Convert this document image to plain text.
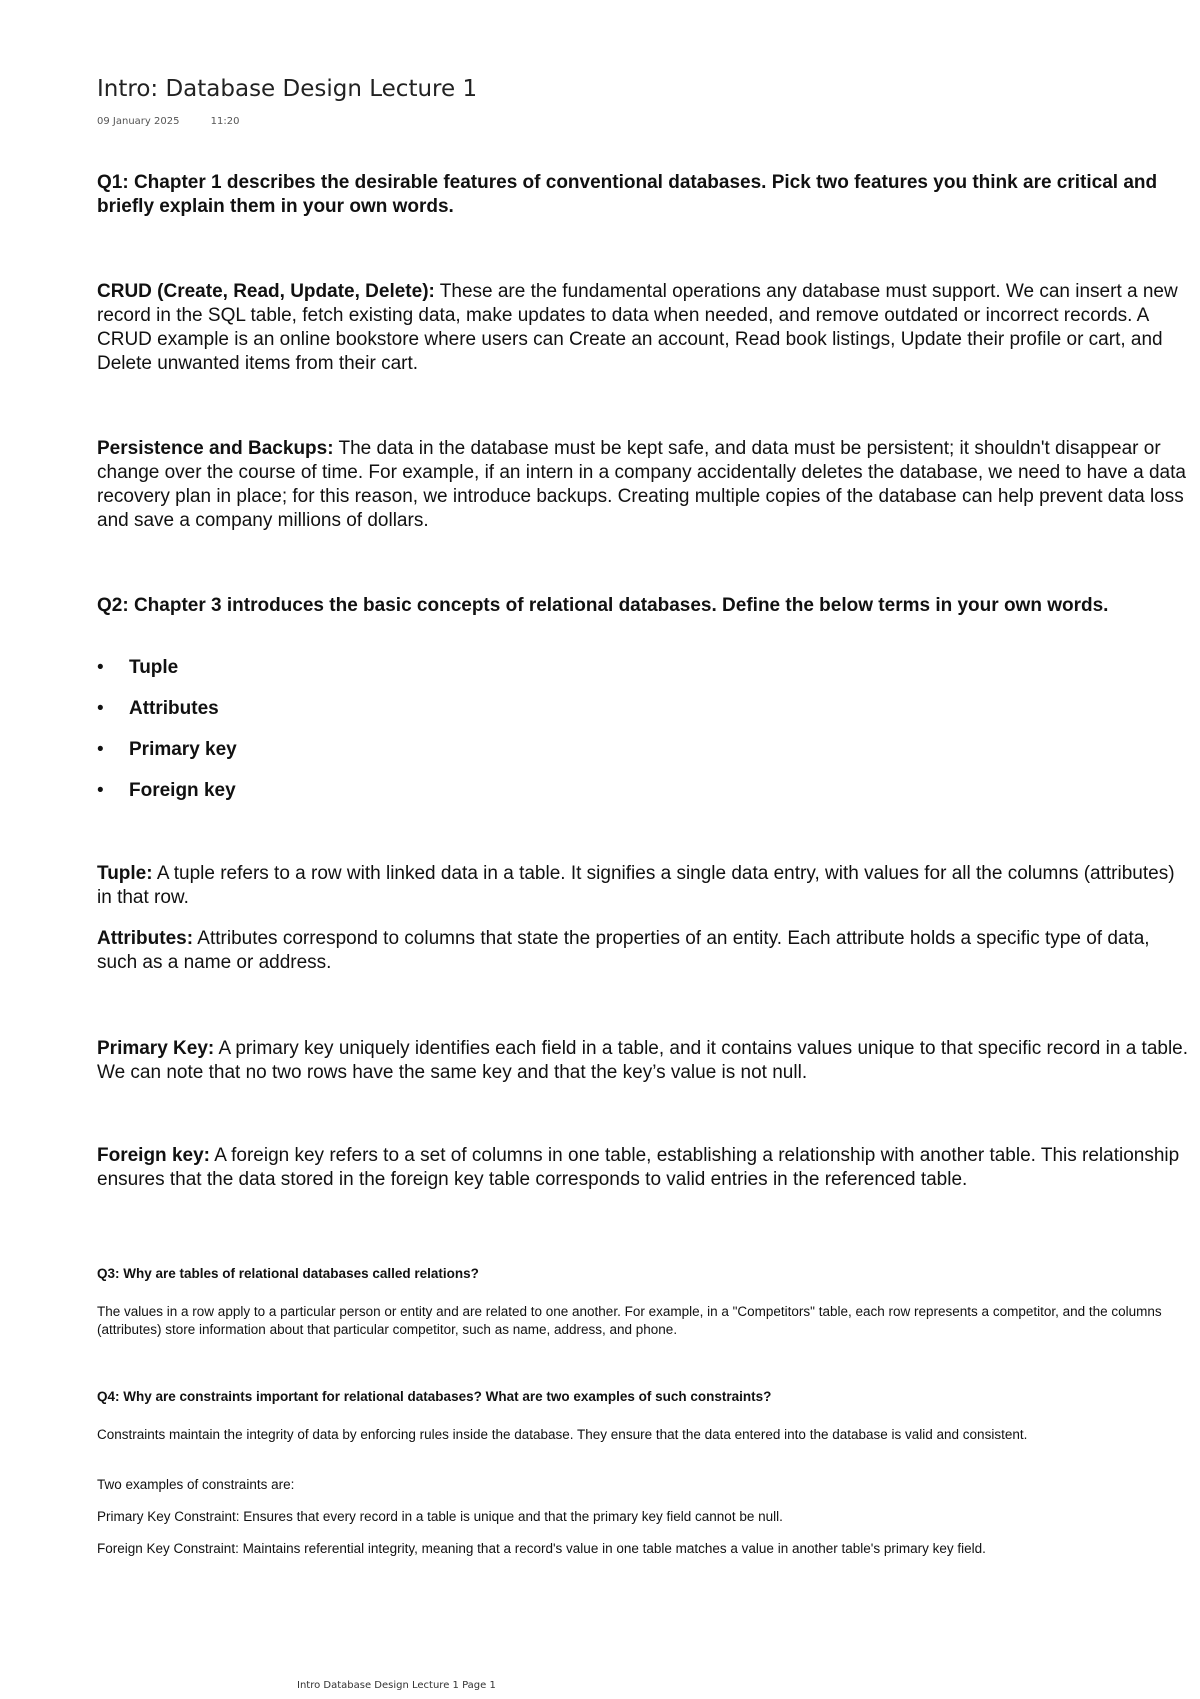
Intro: Database Design Lecture 1
09 January 2025	11:20

Q1: Chapter 1 describes the desirable features of conventional databases. Pick two features you think are critical and briefly explain them in your own words.

CRUD (Create, Read, Update, Delete): These are the fundamental operations any database must support. We can insert a new record in the SQL table, fetch existing data, make updates to data when needed, and remove outdated or incorrect records. A CRUD example is an online bookstore where users can Create an account, Read book listings, Update their profile or cart, and Delete unwanted items from their cart.

Persistence and Backups: The data in the database must be kept safe, and data must be persistent; it shouldn't disappear or change over the course of time. For example, if an intern in a company accidentally deletes the database, we need to have a data recovery plan in place; for this reason, we introduce backups. Creating multiple copies of the database can help prevent data loss and save a company millions of dollars.

Q2: Chapter 3 introduces the basic concepts of relational databases. Define the below terms in your own words.

• Tuple
• Attributes
• Primary key
• Foreign key

Tuple: A tuple refers to a row with linked data in a table. It signifies a single data entry, with values for all the columns (attributes) in that row.

Attributes: Attributes correspond to columns that state the properties of an entity. Each attribute holds a specific type of data, such as a name or address.

Primary Key: A primary key uniquely identifies each field in a table, and it contains values unique to that specific record in a table. We can note that no two rows have the same key and that the key’s value is not null.

Foreign key: A foreign key refers to a set of columns in one table, establishing a relationship with another table. This relationship ensures that the data stored in the foreign key table corresponds to valid entries in the referenced table.

Q3: Why are tables of relational databases called relations?

The values in a row apply to a particular person or entity and are related to one another. For example, in a "Competitors" table, each row represents a competitor, and the columns (attributes) store information about that particular competitor, such as name, address, and phone.

Q4: Why are constraints important for relational databases? What are two examples of such constraints?

Constraints maintain the integrity of data by enforcing rules inside the database. They ensure that the data entered into the database is valid and consistent.

Two examples of constraints are:

Primary Key Constraint: Ensures that every record in a table is unique and that the primary key field cannot be null.

Foreign Key Constraint: Maintains referential integrity, meaning that a record's value in one table matches a value in another table's primary key field.

Intro Database Design Lecture 1 Page 1
